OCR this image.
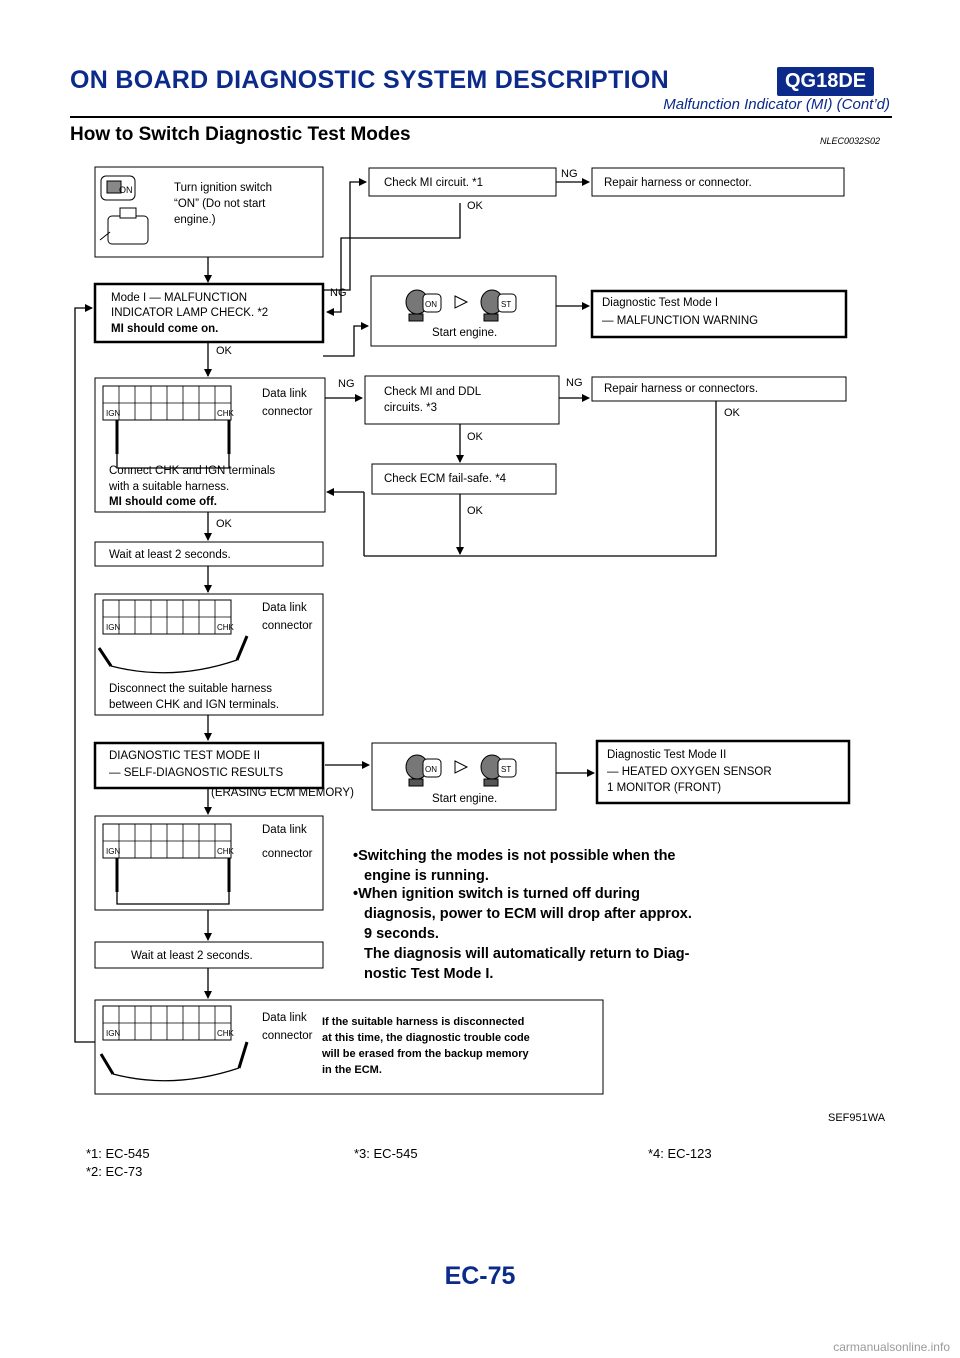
ON BOARD DIAGNOSTIC SYSTEM DESCRIPTION	QG18DE
Malfunction Indicator (MI) (Cont’d)
How to Switch Diagnostic Test Modes	NLEC0032S02
ON
ON	ST
ON	ST
IGN	CHK
IGN	CHK
IGN	CHK
IGN	CHK
Turn ignition switch
“ON” (Do not start
engine.)
Check MI circuit. *1	Repair harness or connector.
Mode I — MALFUNCTION
INDICATOR LAMP CHECK. *2
MI should come on.	Start engine.
Diagnostic Test Mode I
— MALFUNCTION WARNING
Data link
connector
Connect CHK and IGN terminals
with a suitable harness.
MI should come off.
Check MI and DDL
circuits. *3
Repair harness or connectors.
Check ECM fail-safe. *4
Wait at least 2 seconds.
Data link
connector
Disconnect the suitable harness
between CHK and IGN terminals.
DIAGNOSTIC TEST MODE II
— SELF-DIAGNOSTIC RESULTS
(ERASING ECM MEMORY)	Start engine.
Diagnostic Test Mode II
— HEATED OXYGEN SENSOR
1 MONITOR (FRONT)
Data link
connector
Wait at least 2 seconds.
Data link
connector
If the suitable harness is disconnected
at this time, the diagnostic trouble code
will be erased from the backup memory
in the ECM.
•Switching the modes is not possible when the
engine is running.
•When ignition switch is turned off during
diagnosis, power to ECM will drop after approx.
9 seconds.
The diagnosis will automatically return to Diag-
nostic Test Mode I.
NG
NG
OK
OK
NG	NG
OK
OK
OK
OK
SEF951WA
*1: EC-545
*2: EC-73
*3: EC-545	*4: EC-123
EC-75
carmanualsonline.info
